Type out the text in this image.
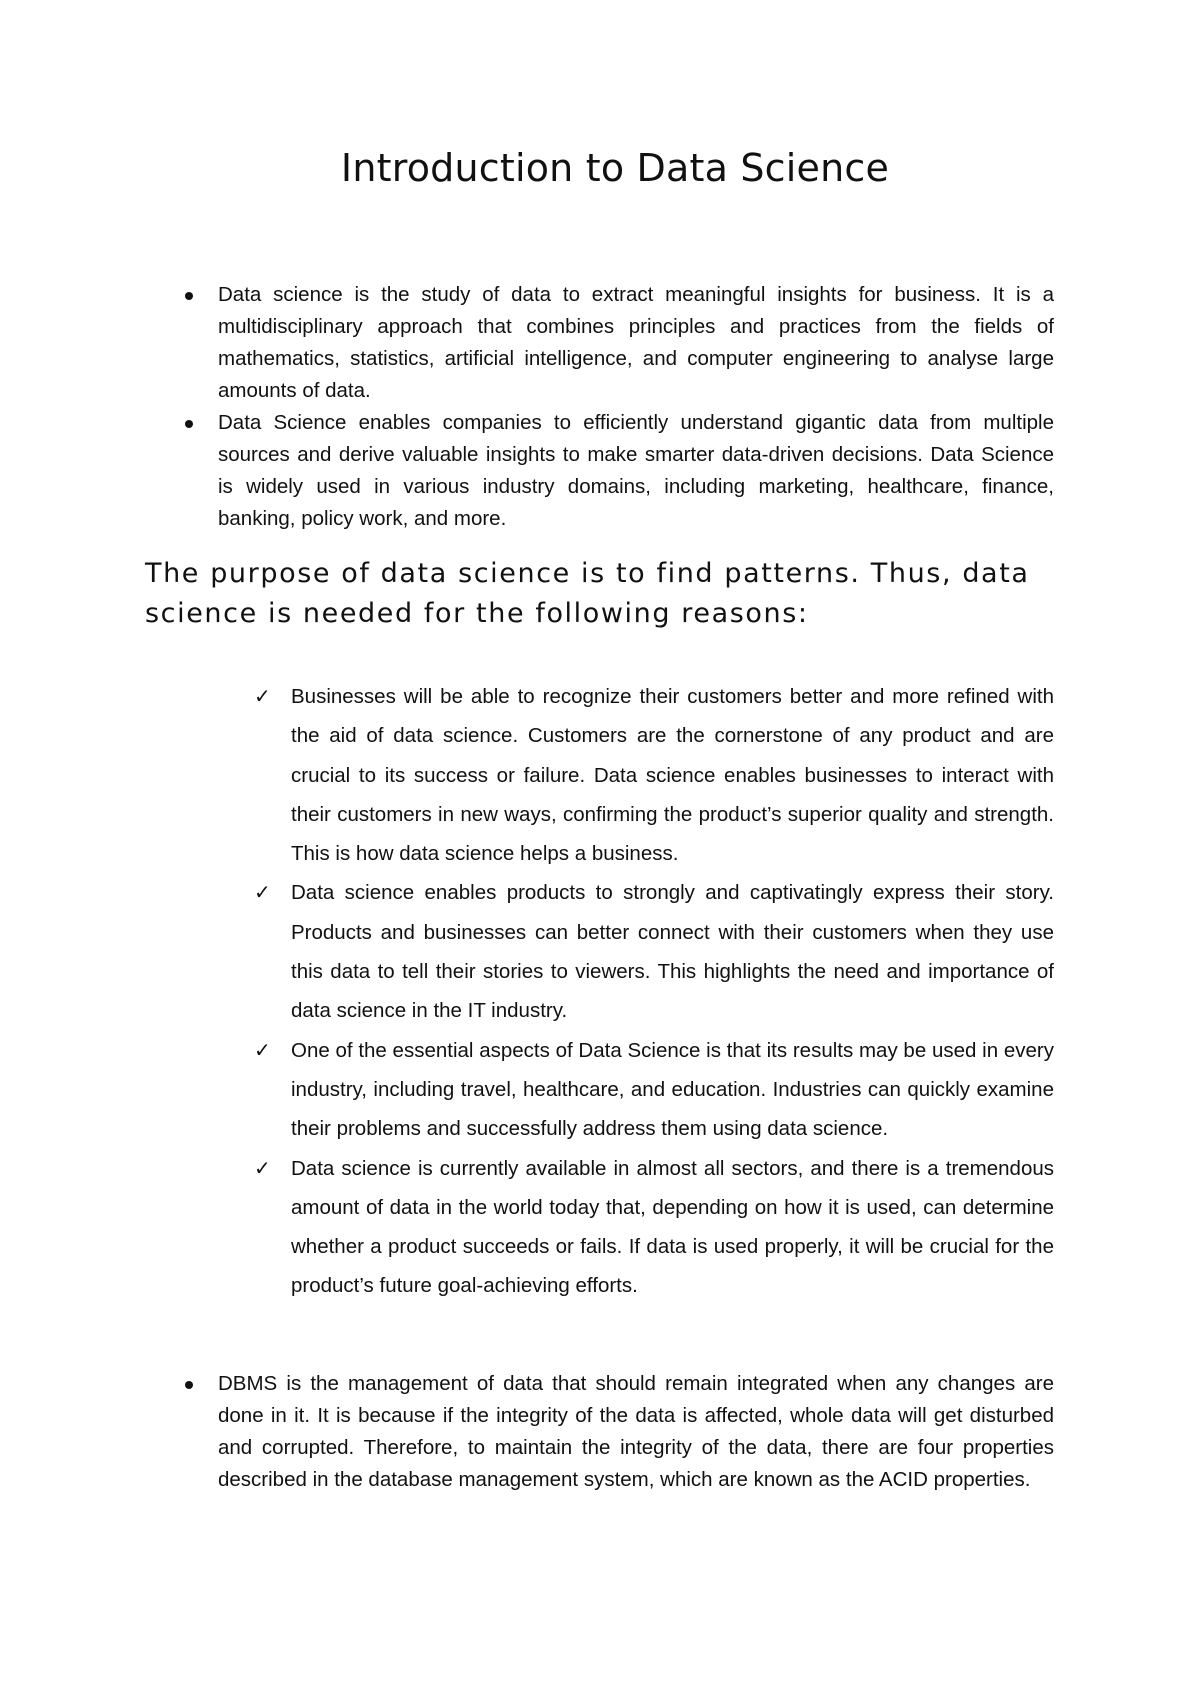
Introduction to Data Science
Data science is the study of data to extract meaningful insights for business. It is a multidisciplinary approach that combines principles and practices from the fields of mathematics, statistics, artificial intelligence, and computer engineering to analyse large amounts of data.
Data Science enables companies to efficiently understand gigantic data from multiple sources and derive valuable insights to make smarter data-driven decisions. Data Science is widely used in various industry domains, including marketing, healthcare, finance, banking, policy work, and more.
The purpose of data science is to find patterns. Thus, data science is needed for the following reasons:
✓ Businesses will be able to recognize their customers better and more refined with the aid of data science. Customers are the cornerstone of any product and are crucial to its success or failure. Data science enables businesses to interact with their customers in new ways, confirming the product’s superior quality and strength. This is how data science helps a business.
✓ Data science enables products to strongly and captivatingly express their story. Products and businesses can better connect with their customers when they use this data to tell their stories to viewers. This highlights the need and importance of data science in the IT industry.
✓ One of the essential aspects of Data Science is that its results may be used in every industry, including travel, healthcare, and education. Industries can quickly examine their problems and successfully address them using data science.
✓ Data science is currently available in almost all sectors, and there is a tremendous amount of data in the world today that, depending on how it is used, can determine whether a product succeeds or fails. If data is used properly, it will be crucial for the product’s future goal-achieving efforts.
DBMS is the management of data that should remain integrated when any changes are done in it. It is because if the integrity of the data is affected, whole data will get disturbed and corrupted. Therefore, to maintain the integrity of the data, there are four properties described in the database management system, which are known as the ACID properties.
